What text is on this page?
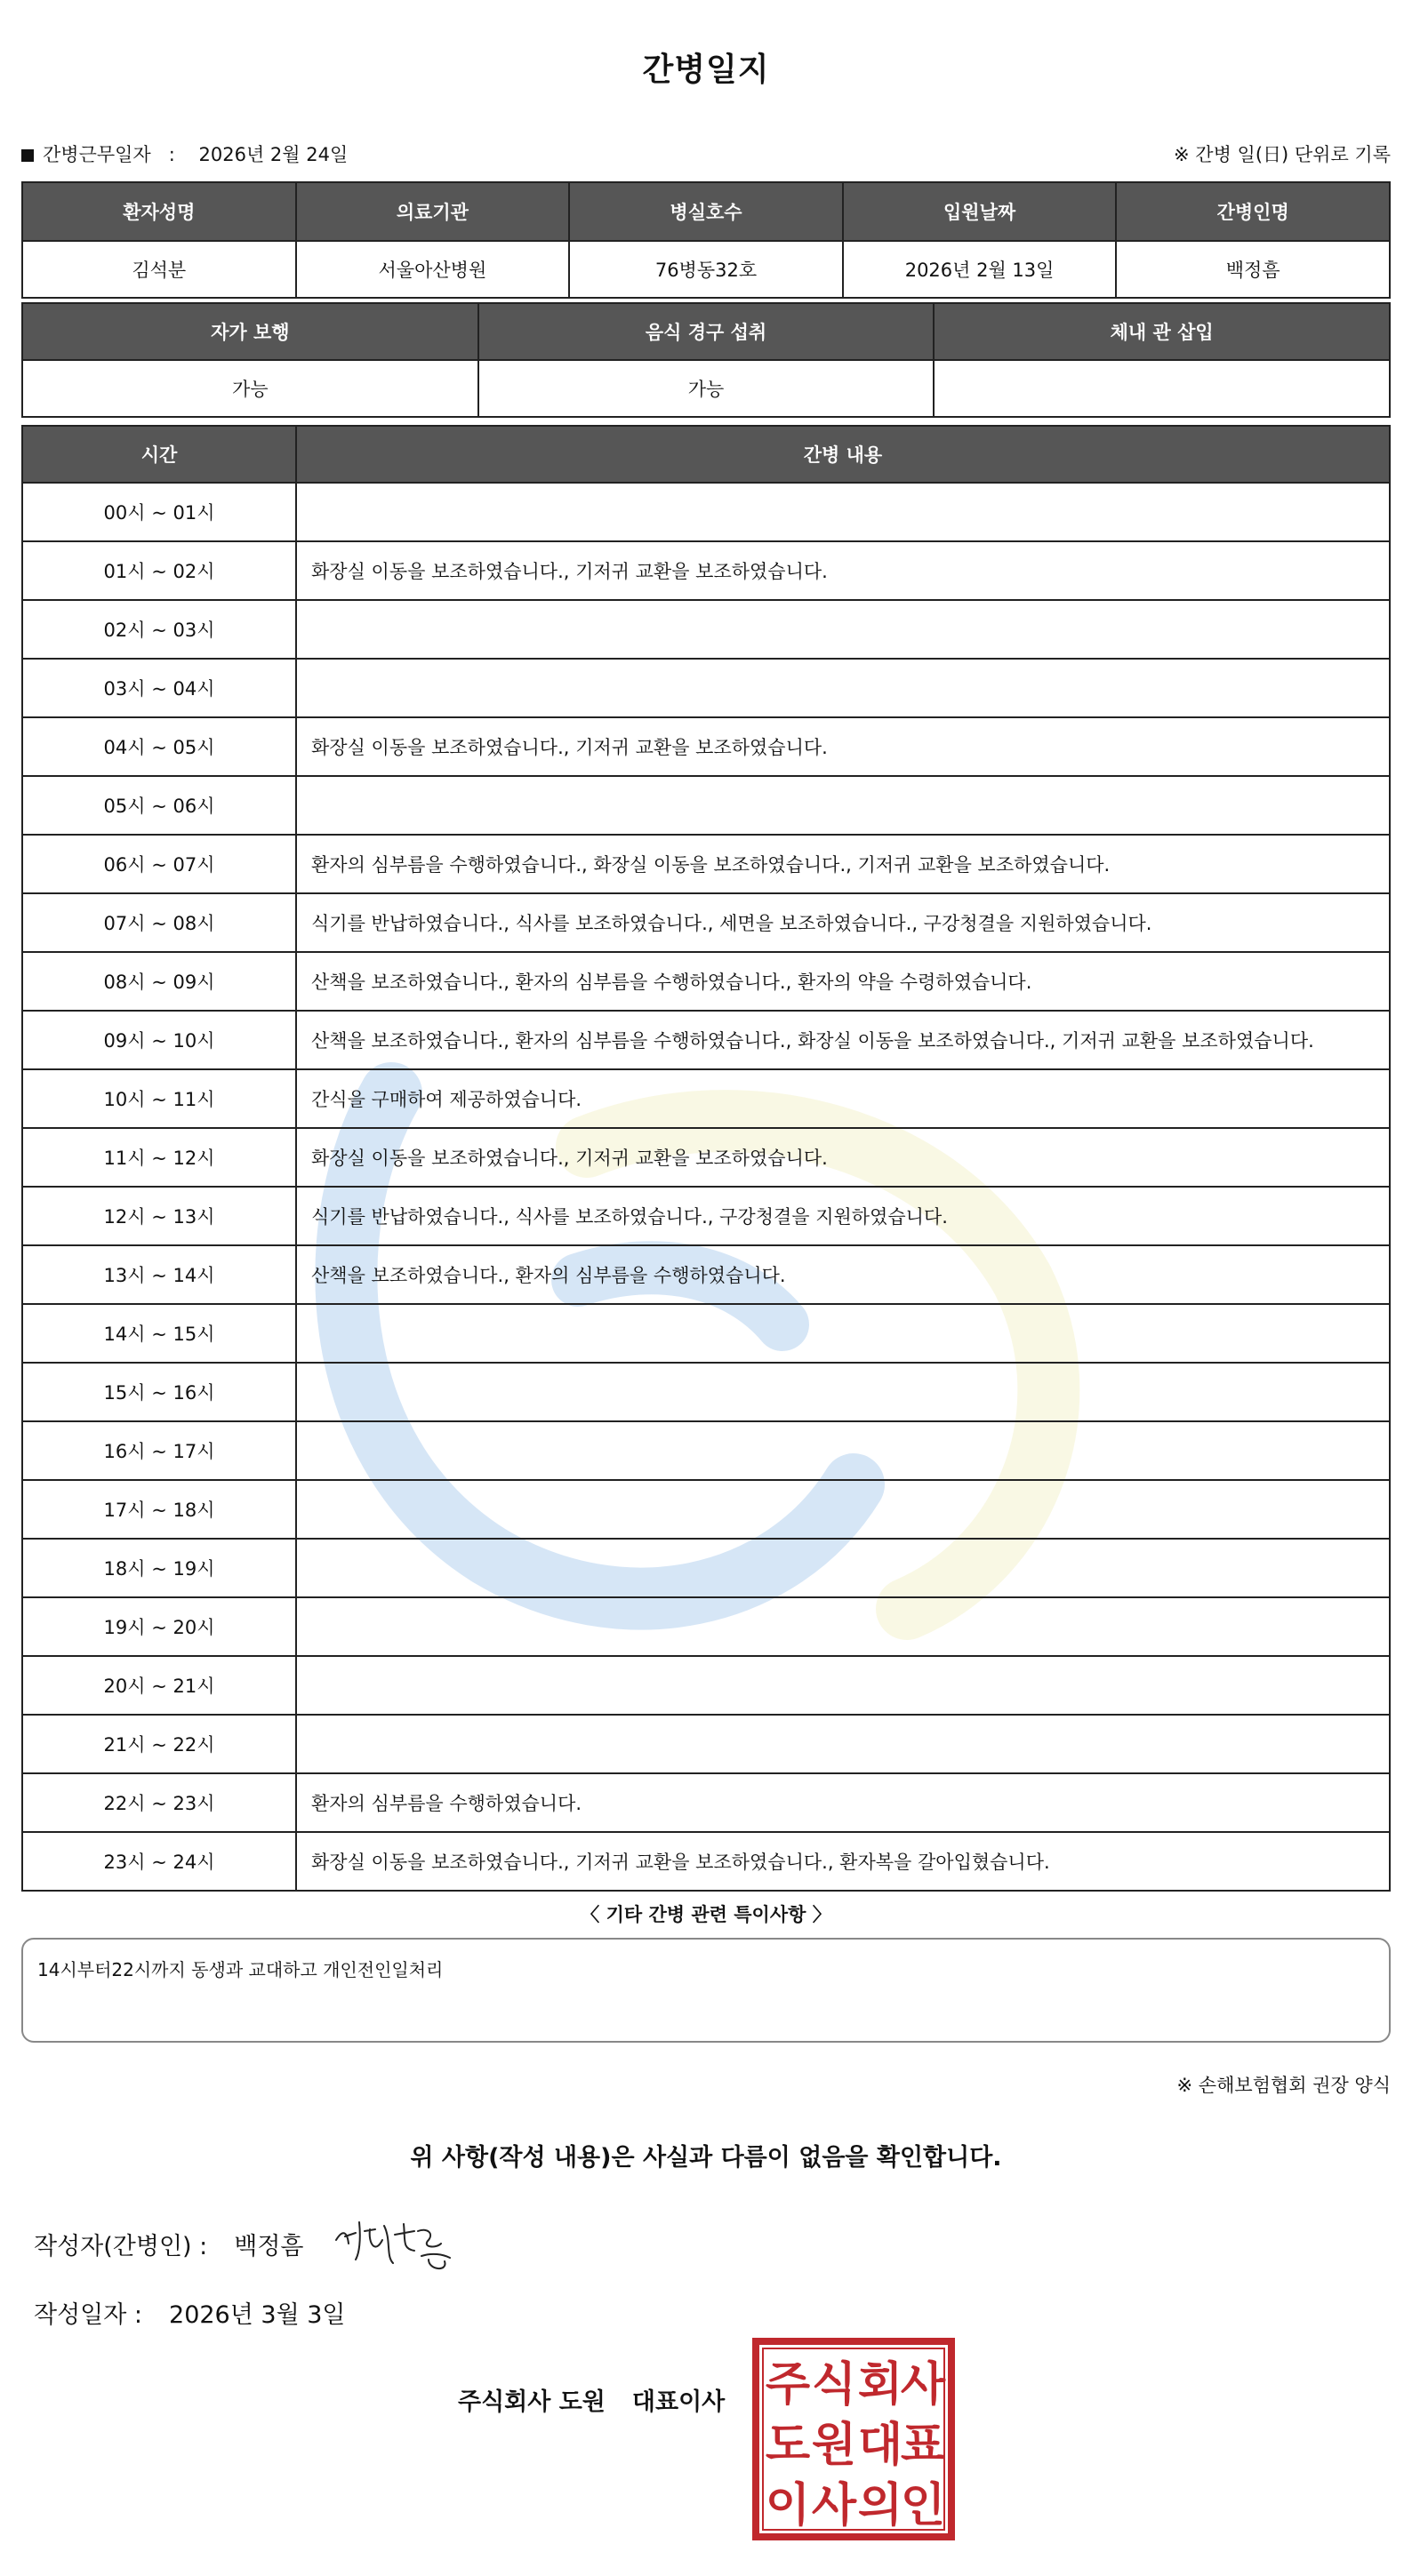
간병일지
간병근무일자 : 2026년 2월 24일	※ 간병 일(日) 단위로 기록
환자성명	의료기관	병실호수	입원날짜	간병인명
김석분	서울아산병원	76병동32호	2026년 2월 13일	백정흠
자가 보행	음식 경구 섭취	체내 관 삽입
가능	가능	
시간	간병 내용
00시 ~ 01시	
01시 ~ 02시	화장실 이동을 보조하였습니다., 기저귀 교환을 보조하였습니다.
02시 ~ 03시	
03시 ~ 04시	
04시 ~ 05시	화장실 이동을 보조하였습니다., 기저귀 교환을 보조하였습니다.
05시 ~ 06시	
06시 ~ 07시	환자의 심부름을 수행하였습니다., 화장실 이동을 보조하였습니다., 기저귀 교환을 보조하였습니다.
07시 ~ 08시	식기를 반납하였습니다., 식사를 보조하였습니다., 세면을 보조하였습니다., 구강청결을 지원하였습니다.
08시 ~ 09시	산책을 보조하였습니다., 환자의 심부름을 수행하였습니다., 환자의 약을 수령하였습니다.
09시 ~ 10시	산책을 보조하였습니다., 환자의 심부름을 수행하였습니다., 화장실 이동을 보조하였습니다., 기저귀 교환을 보조하였습니다.
10시 ~ 11시	간식을 구매하여 제공하였습니다.
11시 ~ 12시	화장실 이동을 보조하였습니다., 기저귀 교환을 보조하였습니다.
12시 ~ 13시	식기를 반납하였습니다., 식사를 보조하였습니다., 구강청결을 지원하였습니다.
13시 ~ 14시	산책을 보조하였습니다., 환자의 심부름을 수행하였습니다.
14시 ~ 15시	
15시 ~ 16시	
16시 ~ 17시	
17시 ~ 18시	
18시 ~ 19시	
19시 ~ 20시	
20시 ~ 21시	
21시 ~ 22시	
22시 ~ 23시	환자의 심부름을 수행하였습니다.
23시 ~ 24시	화장실 이동을 보조하였습니다., 기저귀 교환을 보조하였습니다., 환자복을 갈아입혔습니다.
〈 기타 간병 관련 특이사항 〉
14시부터22시까지 동생과 교대하고 개인전인일처리
※ 손해보험협회 권장 양식
위 사항(작성 내용)은 사실과 다름이 없음을 확인합니다.
작성자(간병인) : 백정흠
작성일자 : 2026년 3월 3일
주식회사 도원 대표이사 주 식 회
사
도 원 대
표
이 사 의
인
